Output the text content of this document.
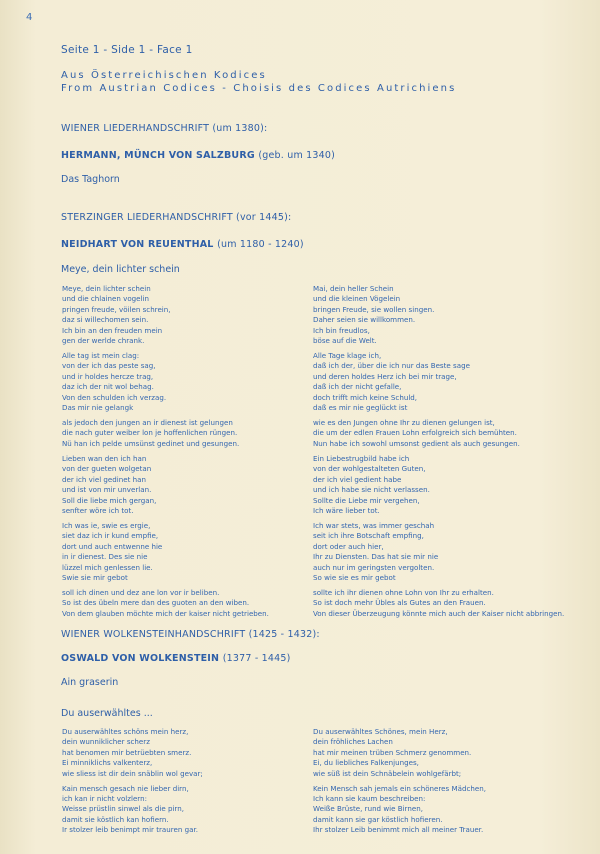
4
Seite 1 - Side 1 - Face 1
Aus Österreichischen Kodices
From Austrian Codices - Choisis des Codices Autrichiens
WIENER LIEDERHANDSCHRIFT (um 1380):
HERMANN, MÜNCH VON SALZBURG (geb. um 1340)
Das Taghorn
STERZINGER LIEDERHANDSCHRIFT (vor 1445):
NEIDHART VON REUENTHAL (um 1180 - 1240)
Meye, dein lichter schein
Meye, dein lichter schein
und die chlainen vogelin
pringen freude, vöilen schrein,
daz si willechomen sein.
Ich bin an den freuden mein
gen der werlde chrank.
Alle tag ist mein clag:
von der ich das peste sag,
und ir holdes hercze trag,
daz ich der nit wol behag.
Von den schulden ich verzag.
Das mir nie gelangk
als jedoch den jungen an ir dienest ist gelungen
die nach guter weiber lon je hoffenlichen rüngen.
Nü han ich pelde umsünst gedinet und gesungen.
Lieben wan den ich han
von der gueten wolgetan
der ich viel gedinet han
und ist von mir unverlan.
Soll die liebe mich gergan,
senfter wöre ich tot.
Ich was ie, swie es ergie,
siet daz ich ir kund empfie,
dort und auch entwenne hie
in ir dienest. Des sie nie
lüzzel mich genlessen lie.
Swie sie mir gebot
soll ich dinen und dez ane lon vor ir beliben.
So ist des übeln mere dan des guoten an den wiben.
Von dem glauben möchte mich der kaiser nicht getrieben.
Mai, dein heller Schein
und die kleinen Vögelein
bringen Freude, sie wollen singen.
Daher seien sie willkommen.
Ich bin freudlos,
böse auf die Welt.
Alle Tage klage ich,
daß ich der, über die ich nur das Beste sage
und deren holdes Herz ich bei mir trage,
daß ich der nicht gefalle,
doch trifft mich keine Schuld,
daß es mir nie geglückt ist
wie es den Jungen ohne Ihr zu dienen gelungen ist,
die um der edlen Frauen Lohn erfolgreich sich bemühten.
Nun habe ich sowohl umsonst gedient als auch gesungen.
Ein Liebestrugbild habe ich
von der wohlgestalteten Guten,
der ich viel gedient habe
und ich habe sie nicht verlassen.
Sollte die Liebe mir vergehen,
Ich wäre lieber tot.
Ich war stets, was immer geschah
seit ich ihre Botschaft empfing,
dort oder auch hier,
Ihr zu Diensten. Das hat sie mir nie
auch nur im geringsten vergolten.
So wie sie es mir gebot
sollte ich ihr dienen ohne Lohn von Ihr zu erhalten.
So ist doch mehr Übles als Gutes an den Frauen.
Von dieser Überzeugung könnte mich auch der Kaiser nicht abbringen.
WIENER WOLKENSTEINHANDSCHRIFT (1425 - 1432):
OSWALD VON WOLKENSTEIN (1377 - 1445)
Ain graserin
Du auserwähltes ...
Du auserwähltes schöns mein herz,
dein wunniklicher scherz
hat benomen mir betrüebten smerz.
Ei minniklichs valkenterz,
wie sliess ist dir dein snäblin wol gevar;
Kain mensch gesach nie lieber dirn,
ich kan ir nicht volzlern:
Weisse prüstlin sinwel als die pirn,
damit sie köstlich kan hofiern.
Ir stolzer leib benimpt mir trauren gar.
Du auserwähltes Schönes, mein Herz,
dein fröhliches Lachen
hat mir meinen trüben Schmerz genommen.
Ei, du liebliches Falkenjunges,
wie süß ist dein Schnäbelein wohlgefärbt;
Kein Mensch sah jemals ein schöneres Mädchen,
Ich kann sie kaum beschreiben:
Weiße Brüste, rund wie Birnen,
damit kann sie gar köstlich hofieren.
Ihr stolzer Leib benimmt mich all meiner Trauer.
